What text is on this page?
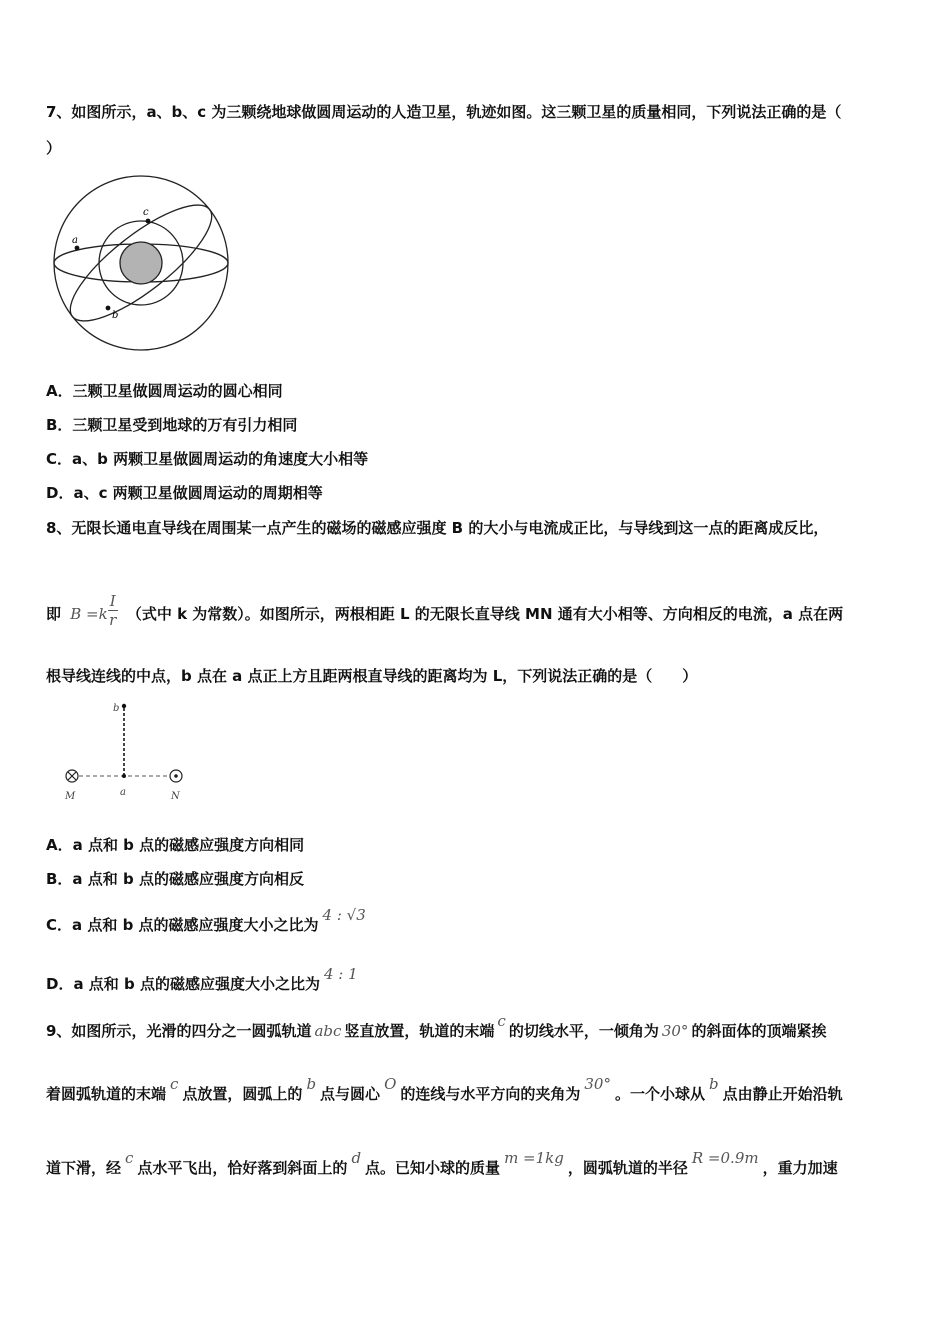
7、如图所示，a、b、c 为三颗绕地球做圆周运动的人造卫星，轨迹如图。这三颗卫星的质量相同，下列说法正确的是（
）
a
b
c
A．三颗卫星做圆周运动的圆心相同
B．三颗卫星受到地球的万有引力相同
C．a、b 两颗卫星做圆周运动的角速度大小相等
D．a、c 两颗卫星做圆周运动的周期相等
8、无限长通电直导线在周围某一点产生的磁场的磁感应强度 B 的大小与电流成正比，与导线到这一点的距离成反比，
即 $B =k \frac{I}{r}$ （式中 k 为常数）。如图所示，两根相距 L 的无限长直导线 MN 通有大小相等、方向相反的电流，a 点在两
根导线连线的中点，b 点在 a 点正上方且距两根直导线的距离均为 L，下列说法正确的是（　　）
b
M	a	N
A．a 点和 b 点的磁感应强度方向相同
B．a 点和 b 点的磁感应强度方向相反
C．a 点和 b 点的磁感应强度大小之比为4 : √3
D．a 点和 b 点的磁感应强度大小之比为4 : 1
9、如图所示，光滑的四分之一圆弧轨道 abc 竖直放置，轨道的末端c的切线水平，一倾角为 30° 的斜面体的顶端紧挨
着圆弧轨道的末端c点放置，圆弧上的b点与圆心O的连线与水平方向的夹角为30°。一个小球从b点由静止开始沿轨
道下滑，经c点水平飞出，恰好落到斜面上的d点。已知小球的质量m =1kg，圆弧轨道的半径R =0.9m，重力加速
